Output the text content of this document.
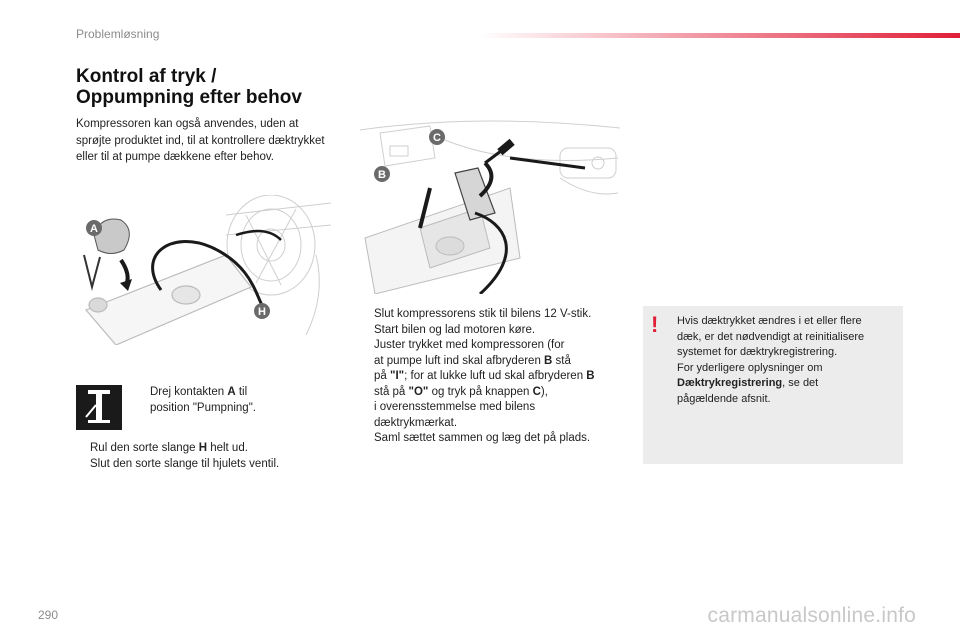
Problemløsning
Kontrol af tryk /
Oppumpning efter behov
Kompressoren kan også anvendes, uden at sprøjte produktet ind, til at kontrollere dæktrykket eller til at pumpe dækkene efter behov.
A
H
C
B
Drej kontakten A til
position "Pumpning".
Rul den sorte slange H helt ud.
Slut den sorte slange til hjulets ventil.
Slut kompressorens stik til bilens 12 V-stik.
Start bilen og lad motoren køre.
Juster trykket med kompressoren (for
at pumpe luft ind skal afbryderen B stå
på "I"; for at lukke luft ud skal afbryderen B
stå på "O" og tryk på knappen C),
i overensstemmelse med bilens
dæktrykmærkat.
Saml sættet sammen og læg det på plads.
! Hvis dæktrykket ændres i et eller flere
dæk, er det nødvendigt at reinitialisere
systemet for dæktrykregistrering.
For yderligere oplysninger om
Dæktrykregistrering, se det
pågældende afsnit.
290	carmanualsonline.info
